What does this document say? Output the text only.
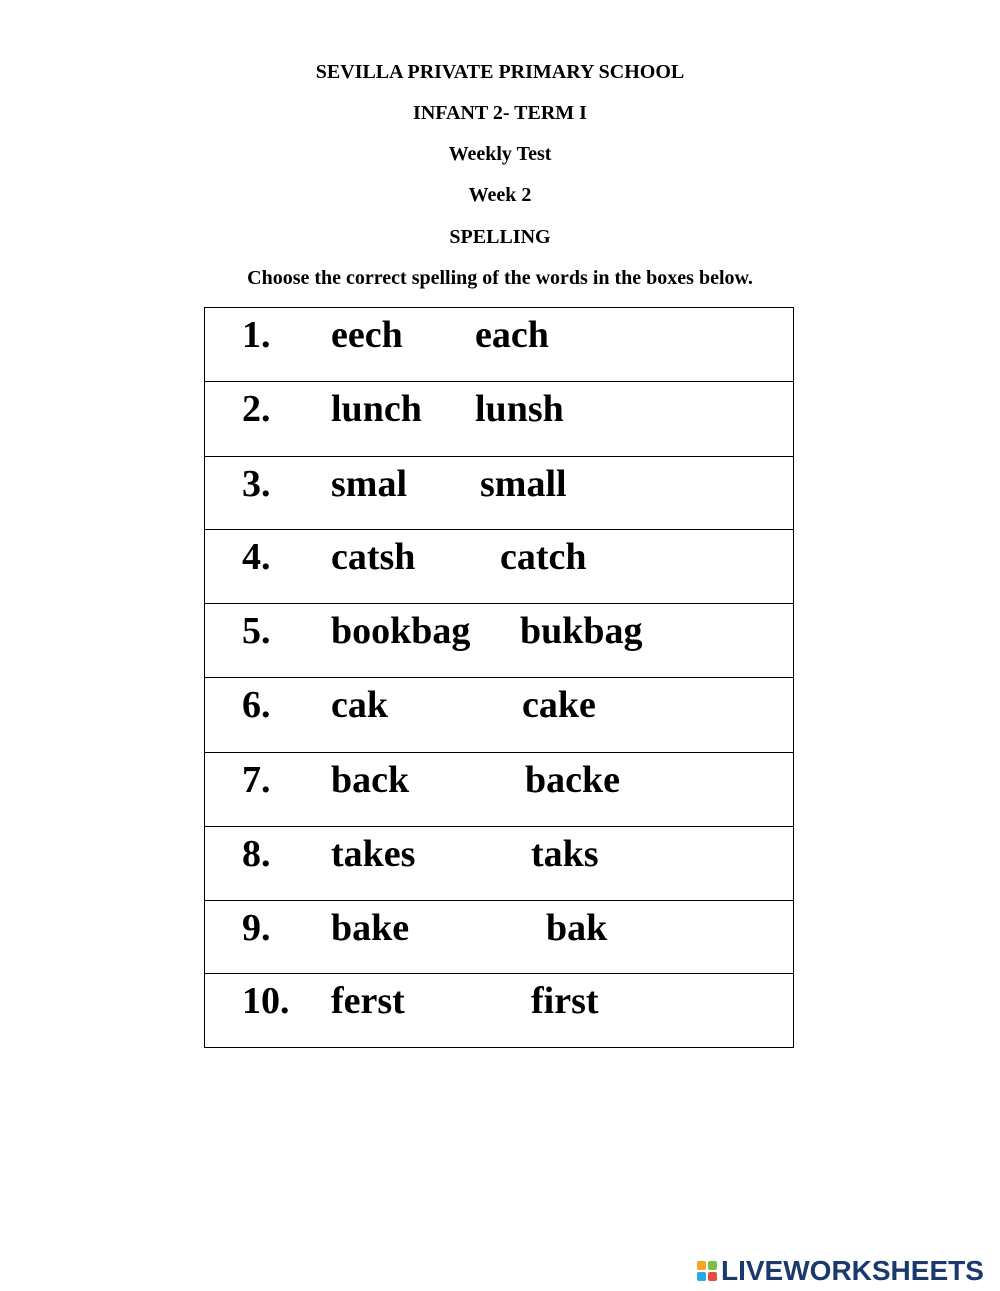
SEVILLA PRIVATE PRIMARY SCHOOL
INFANT 2- TERM I
Weekly Test
Week 2
SPELLING
Choose the correct spelling of the words in the boxes below.
1. eech each
2. lunch lunsh
3. smal small
4. catsh catch
5. bookbag bukbag
6. cak	cake
7. back	backe
8. takes	taks
9. bake	bak
10. ferst	first
LIVEWORKSHEETS
